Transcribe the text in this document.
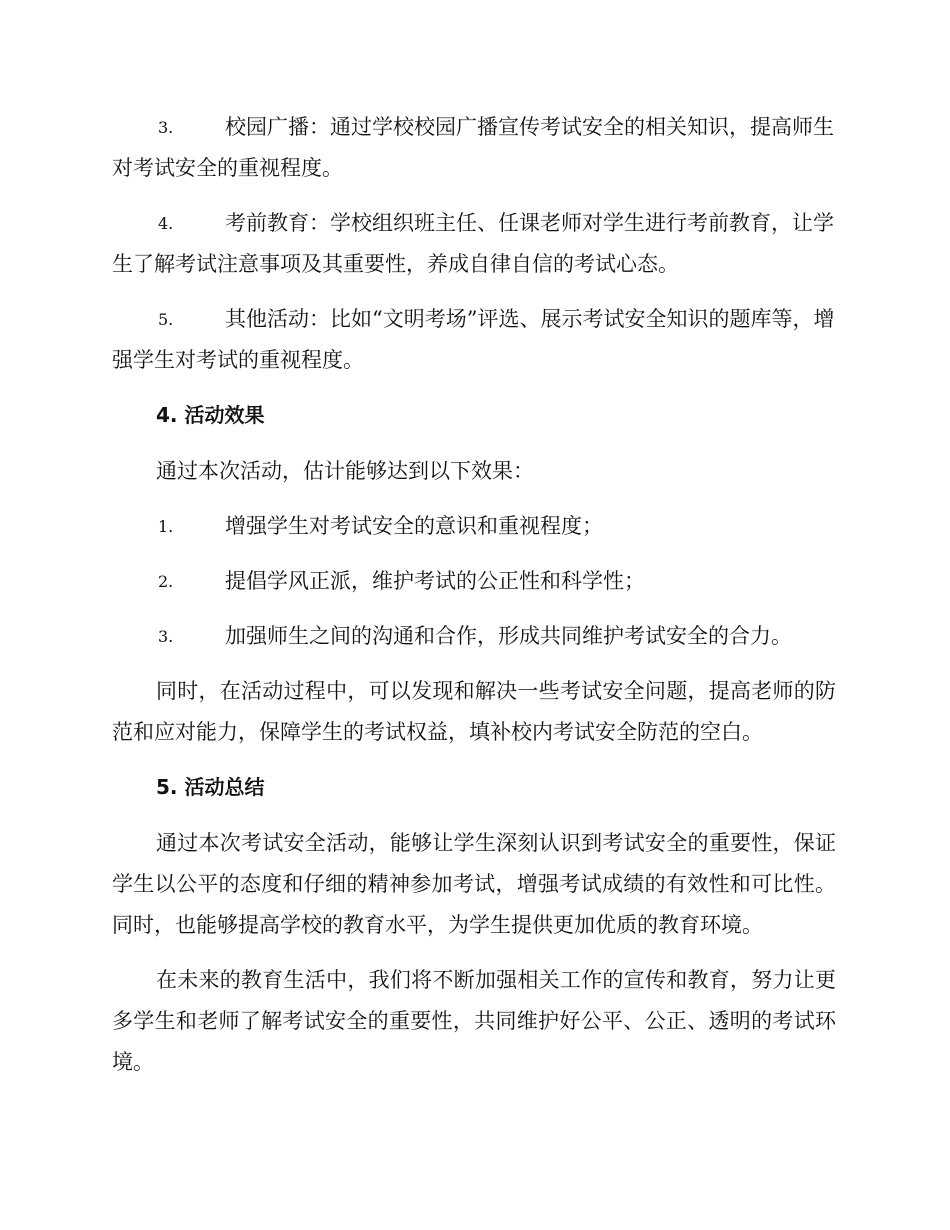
3.	校园广播：通过学校校园广播宣传考试安全的相关知识，提高师生对考试安全的重视程度。
4.	考前教育：学校组织班主任、任课老师对学生进行考前教育，让学生了解考试注意事项及其重要性，养成自律自信的考试心态。
5.	其他活动：比如“文明考场”评选、展示考试安全知识的题库等，增强学生对考试的重视程度。
4. 活动效果
通过本次活动，估计能够达到以下效果：
1.	增强学生对考试安全的意识和重视程度；
2.	提倡学风正派，维护考试的公正性和科学性；
3.	加强师生之间的沟通和合作，形成共同维护考试安全的合力。
同时，在活动过程中，可以发现和解决一些考试安全问题，提高老师的防范和应对能力，保障学生的考试权益，填补校内考试安全防范的空白。
5. 活动总结
通过本次考试安全活动，能够让学生深刻认识到考试安全的重要性，保证学生以公平的态度和仔细的精神参加考试，增强考试成绩的有效性和可比性。同时，也能够提高学校的教育水平，为学生提供更加优质的教育环境。
在未来的教育生活中，我们将不断加强相关工作的宣传和教育，努力让更多学生和老师了解考试安全的重要性，共同维护好公平、公正、透明的考试环境。
